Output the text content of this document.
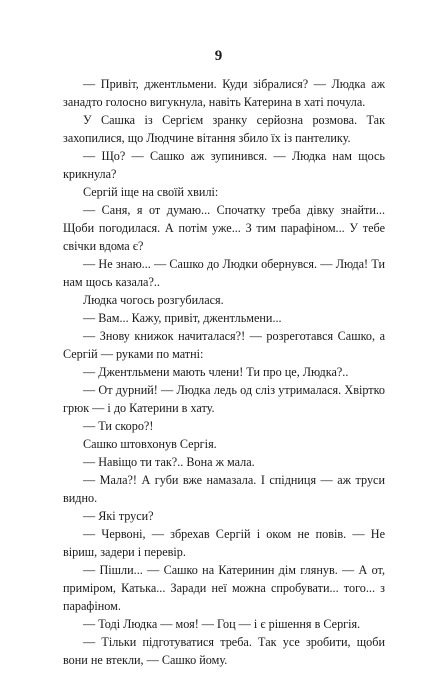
9

— Привіт, джентльмени. Куди зібралися? — Людка аж занадто голосно вигукнула, навіть Катерина в хаті почула.

У Сашка із Сергієм зранку серйозна розмова. Так захопилися, що Людчине вітання збило їх із пантелику.

— Що? — Сашко аж зупинився. — Людка нам щось крикнула?

Сергій іще на своїй хвилі:

— Саня, я от думаю... Спочатку треба дівку знайти... Щоби погодилася. А потім уже... З тим парафіном... У тебе свічки вдома є?

— Не знаю... — Сашко до Людки обернувся. — Люда! Ти нам щось казала?..

Людка чогось розгубилася.

— Вам... Кажу, привіт, джентльмени...

— Знову книжок начиталася?! — розреготався Сашко, а Сергій — руками по матні:

— Джентльмени мають члени! Ти про це, Людка?..

— От дурний! — Людка ледь од сліз утрималася. Хвіртко грюк — і до Катерини в хату.

— Ти скоро?!

Сашко штовхонув Сергія.

— Навіщо ти так?.. Вона ж мала.

— Мала?! А губи вже намазала. І спідниця — аж труси видно.

— Які труси?

— Червоні, — збрехав Сергій і оком не повів. — Не віриш, задери і перевір.

— Пішли... — Сашко на Катеринин дім глянув. — А от, приміром, Катька... Заради неї можна спробувати... того... з парафіном.

— Тоді Людка — моя! — Гоц — і є рішення в Сергія.

— Тільки підготуватися треба. Так усе зробити, щоби вони не втекли, — Сашко йому.
